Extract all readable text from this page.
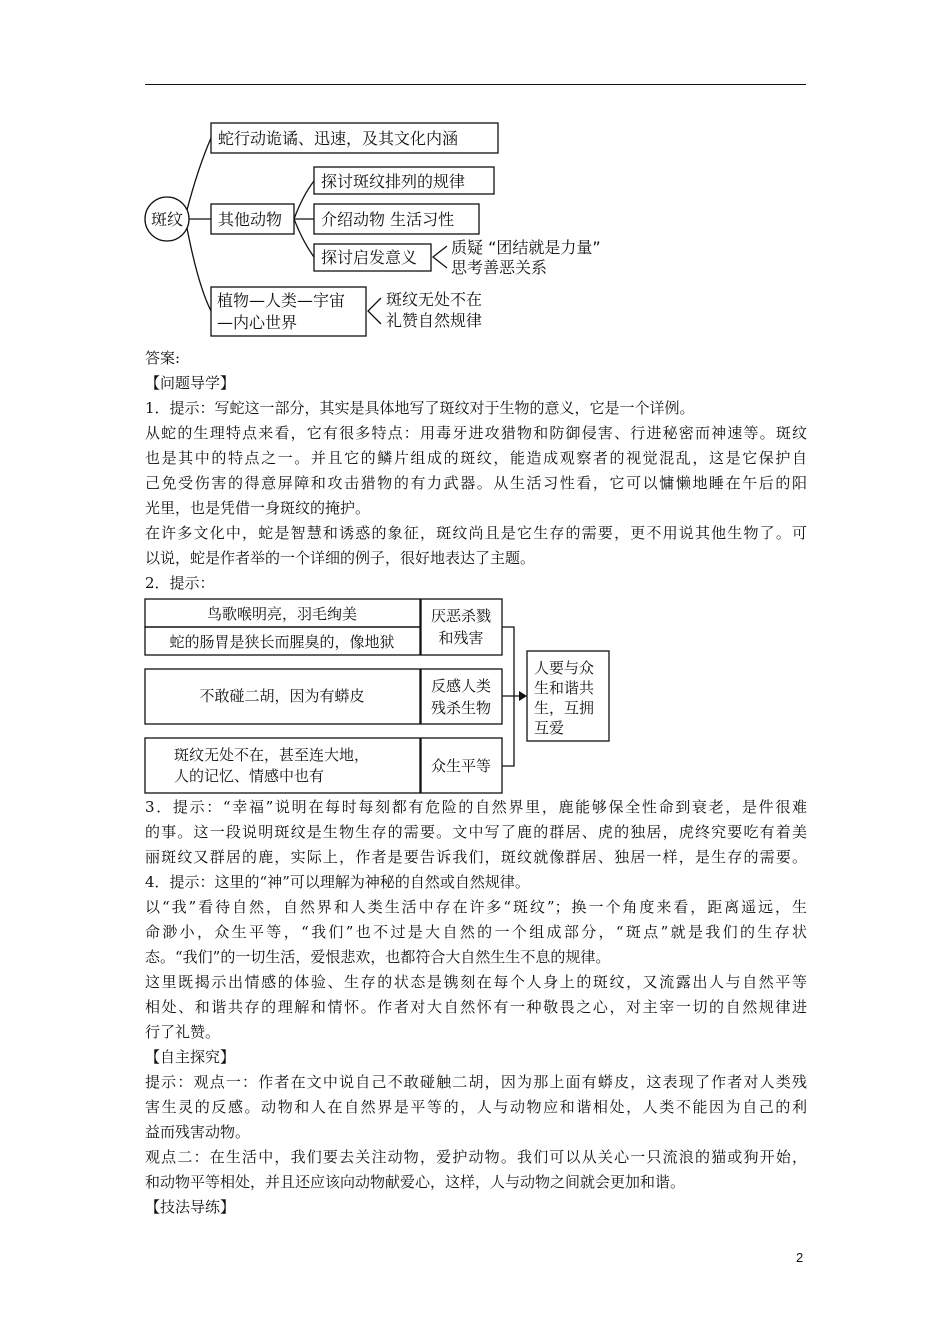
斑纹
蛇行动诡谲、迅速，及其文化内涵
其他动物
探讨斑纹排列的规律
介绍动物 生活习性
探讨启发意义
质疑 “团结就是力量”
思考善恶关系
植物—人类—宇宙
—内心世界
斑纹无处不在
礼赞自然规律
鸟歌喉明亮，羽毛绚美
蛇的肠胃是狭长而腥臭的，像地狱
厌恶杀戮
和残害
不敢碰二胡，因为有蟒皮
反感人类
残杀生物
斑纹无处不在，甚至连大地，
人的记忆、情感中也有
众生平等
人要与众
生和谐共
生，互拥
互爱

答案:

【问题导学】

1．提示：写蛇这一部分，其实是具体地写了斑纹对于生物的意义，它是一个详例。

从蛇的生理特点来看，它有很多特点：用毒牙进攻猎物和防御侵害、行进秘密而神速等。斑纹

也是其中的特点之一。并且它的鳞片组成的斑纹，能造成观察者的视觉混乱，这是它保护自

己免受伤害的得意屏障和攻击猎物的有力武器。从生活习性看，它可以慵懒地睡在午后的阳

光里，也是凭借一身斑纹的掩护。

在许多文化中，蛇是智慧和诱惑的象征，斑纹尚且是它生存的需要，更不用说其他生物了。可

以说，蛇是作者举的一个详细的例子，很好地表达了主题。

2．提示：

3．提示：“幸福”说明在每时每刻都有危险的自然界里，鹿能够保全性命到衰老，是件很难

的事。这一段说明斑纹是生物生存的需要。文中写了鹿的群居、虎的独居，虎终究要吃有着美

丽斑纹又群居的鹿，实际上，作者是要告诉我们，斑纹就像群居、独居一样，是生存的需要。

4．提示：这里的“神”可以理解为神秘的自然或自然规律。

以“我”看待自然，自然界和人类生活中存在许多“斑纹”；换一个角度来看，距离遥远，生

命渺小，众生平等，“我们”也不过是大自然的一个组成部分，“斑点”就是我们的生存状

态。“我们”的一切生活，爱恨悲欢，也都符合大自然生生不息的规律。

这里既揭示出情感的体验、生存的状态是镌刻在每个人身上的斑纹，又流露出人与自然平等

相处、和谐共存的理解和情怀。作者对大自然怀有一种敬畏之心，对主宰一切的自然规律进

行了礼赞。

【自主探究】

提示：观点一：作者在文中说自己不敢碰触二胡，因为那上面有蟒皮，这表现了作者对人类残

害生灵的反感。动物和人在自然界是平等的，人与动物应和谐相处，人类不能因为自己的利

益而残害动物。

观点二：在生活中，我们要去关注动物，爱护动物。我们可以从关心一只流浪的猫或狗开始，

和动物平等相处，并且还应该向动物献爱心，这样，人与动物之间就会更加和谐。

【技法导练】

2
